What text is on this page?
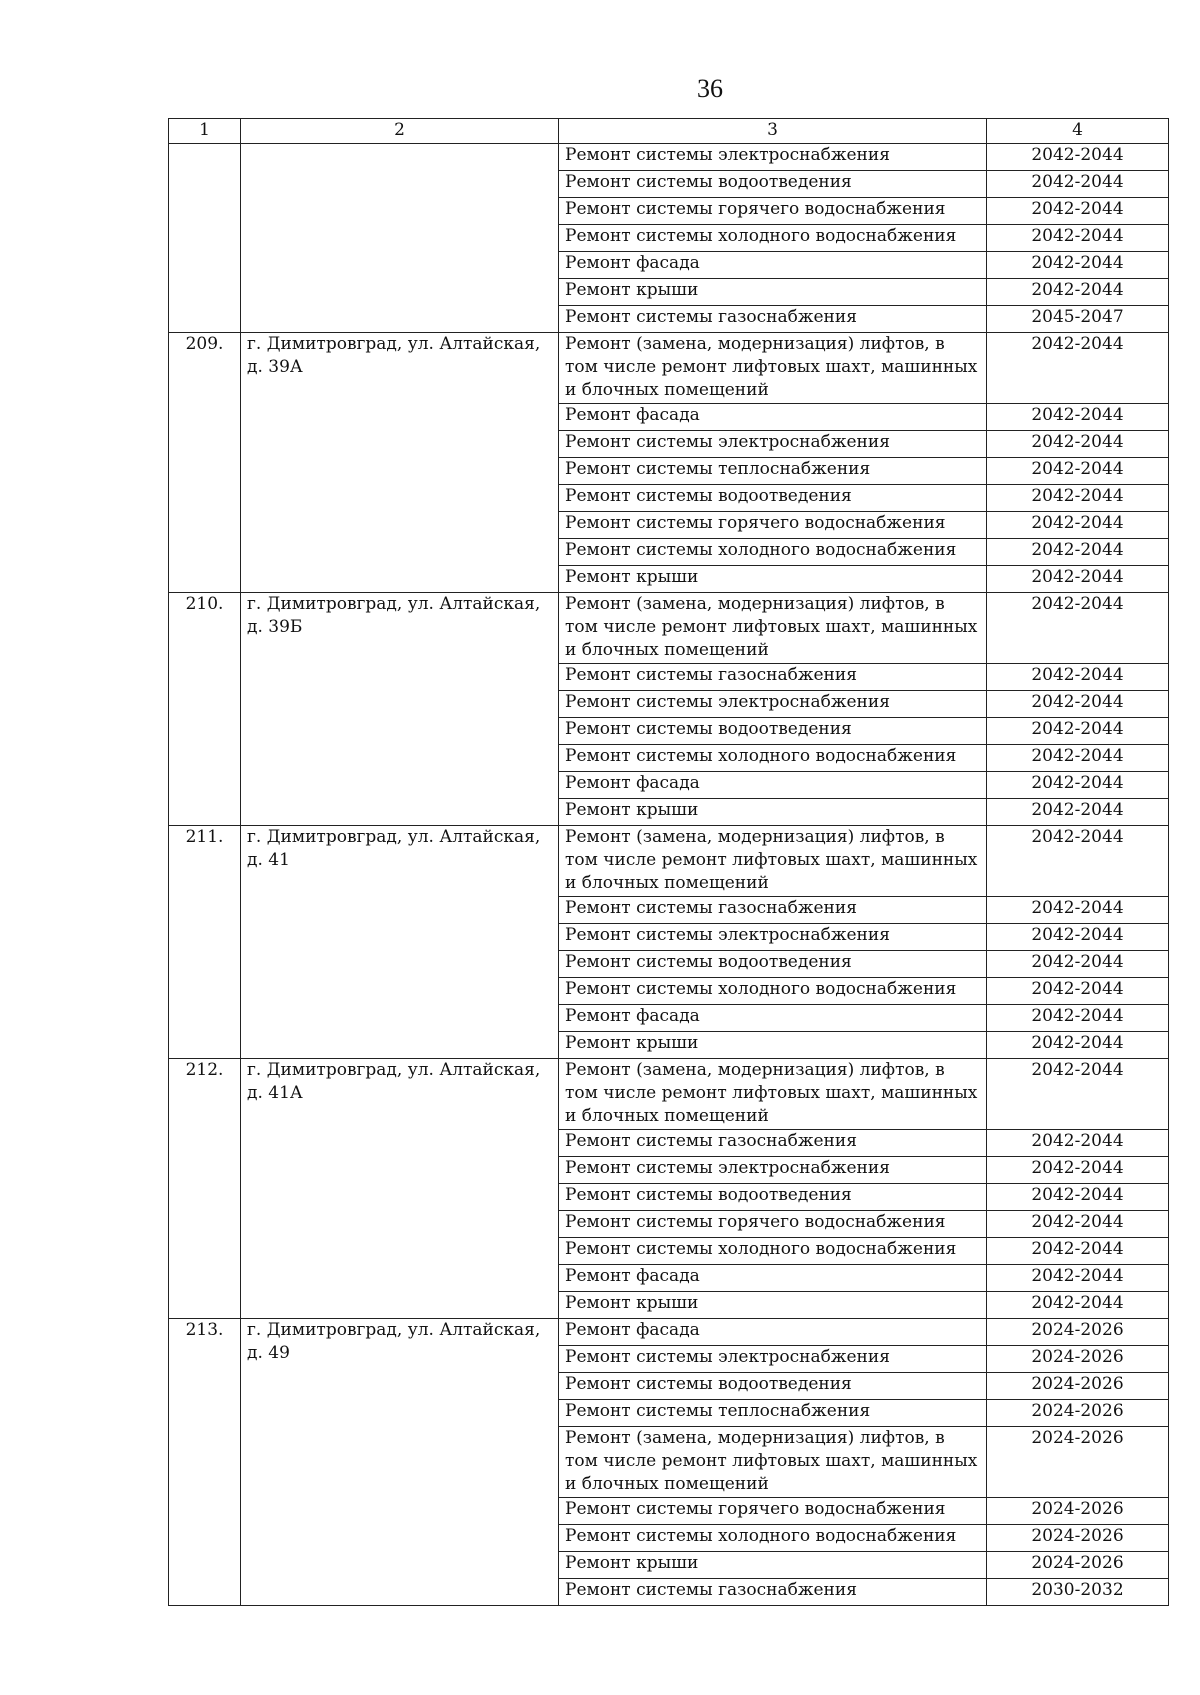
36
1	2	3	4
		Ремонт системы электроснабжения	2042-2044
		Ремонт системы водоотведения	2042-2044
		Ремонт системы горячего водоснабжения	2042-2044
		Ремонт системы холодного водоснабжения	2042-2044
		Ремонт фасада	2042-2044
		Ремонт крыши	2042-2044
		Ремонт системы газоснабжения	2045-2047
209.	г. Димитровград, ул. Алтайская, д. 39А	Ремонт (замена, модернизация) лифтов, в том числе ремонт лифтовых шахт, машинных и блочных помещений	2042-2044
		Ремонт фасада	2042-2044
		Ремонт системы электроснабжения	2042-2044
		Ремонт системы теплоснабжения	2042-2044
		Ремонт системы водоотведения	2042-2044
		Ремонт системы горячего водоснабжения	2042-2044
		Ремонт системы холодного водоснабжения	2042-2044
		Ремонт крыши	2042-2044
210.	г. Димитровград, ул. Алтайская, д. 39Б	Ремонт (замена, модернизация) лифтов, в том числе ремонт лифтовых шахт, машинных и блочных помещений	2042-2044
		Ремонт системы газоснабжения	2042-2044
		Ремонт системы электроснабжения	2042-2044
		Ремонт системы водоотведения	2042-2044
		Ремонт системы холодного водоснабжения	2042-2044
		Ремонт фасада	2042-2044
		Ремонт крыши	2042-2044
211.	г. Димитровград, ул. Алтайская, д. 41	Ремонт (замена, модернизация) лифтов, в том числе ремонт лифтовых шахт, машинных и блочных помещений	2042-2044
		Ремонт системы газоснабжения	2042-2044
		Ремонт системы электроснабжения	2042-2044
		Ремонт системы водоотведения	2042-2044
		Ремонт системы холодного водоснабжения	2042-2044
		Ремонт фасада	2042-2044
		Ремонт крыши	2042-2044
212.	г. Димитровград, ул. Алтайская, д. 41А	Ремонт (замена, модернизация) лифтов, в том числе ремонт лифтовых шахт, машинных и блочных помещений	2042-2044
		Ремонт системы газоснабжения	2042-2044
		Ремонт системы электроснабжения	2042-2044
		Ремонт системы водоотведения	2042-2044
		Ремонт системы горячего водоснабжения	2042-2044
		Ремонт системы холодного водоснабжения	2042-2044
		Ремонт фасада	2042-2044
		Ремонт крыши	2042-2044
213.	г. Димитровград, ул. Алтайская, д. 49	Ремонт фасада	2024-2026
		Ремонт системы электроснабжения	2024-2026
		Ремонт системы водоотведения	2024-2026
		Ремонт системы теплоснабжения	2024-2026
		Ремонт (замена, модернизация) лифтов, в том числе ремонт лифтовых шахт, машинных и блочных помещений	2024-2026
		Ремонт системы горячего водоснабжения	2024-2026
		Ремонт системы холодного водоснабжения	2024-2026
		Ремонт крыши	2024-2026
		Ремонт системы газоснабжения	2030-2032
